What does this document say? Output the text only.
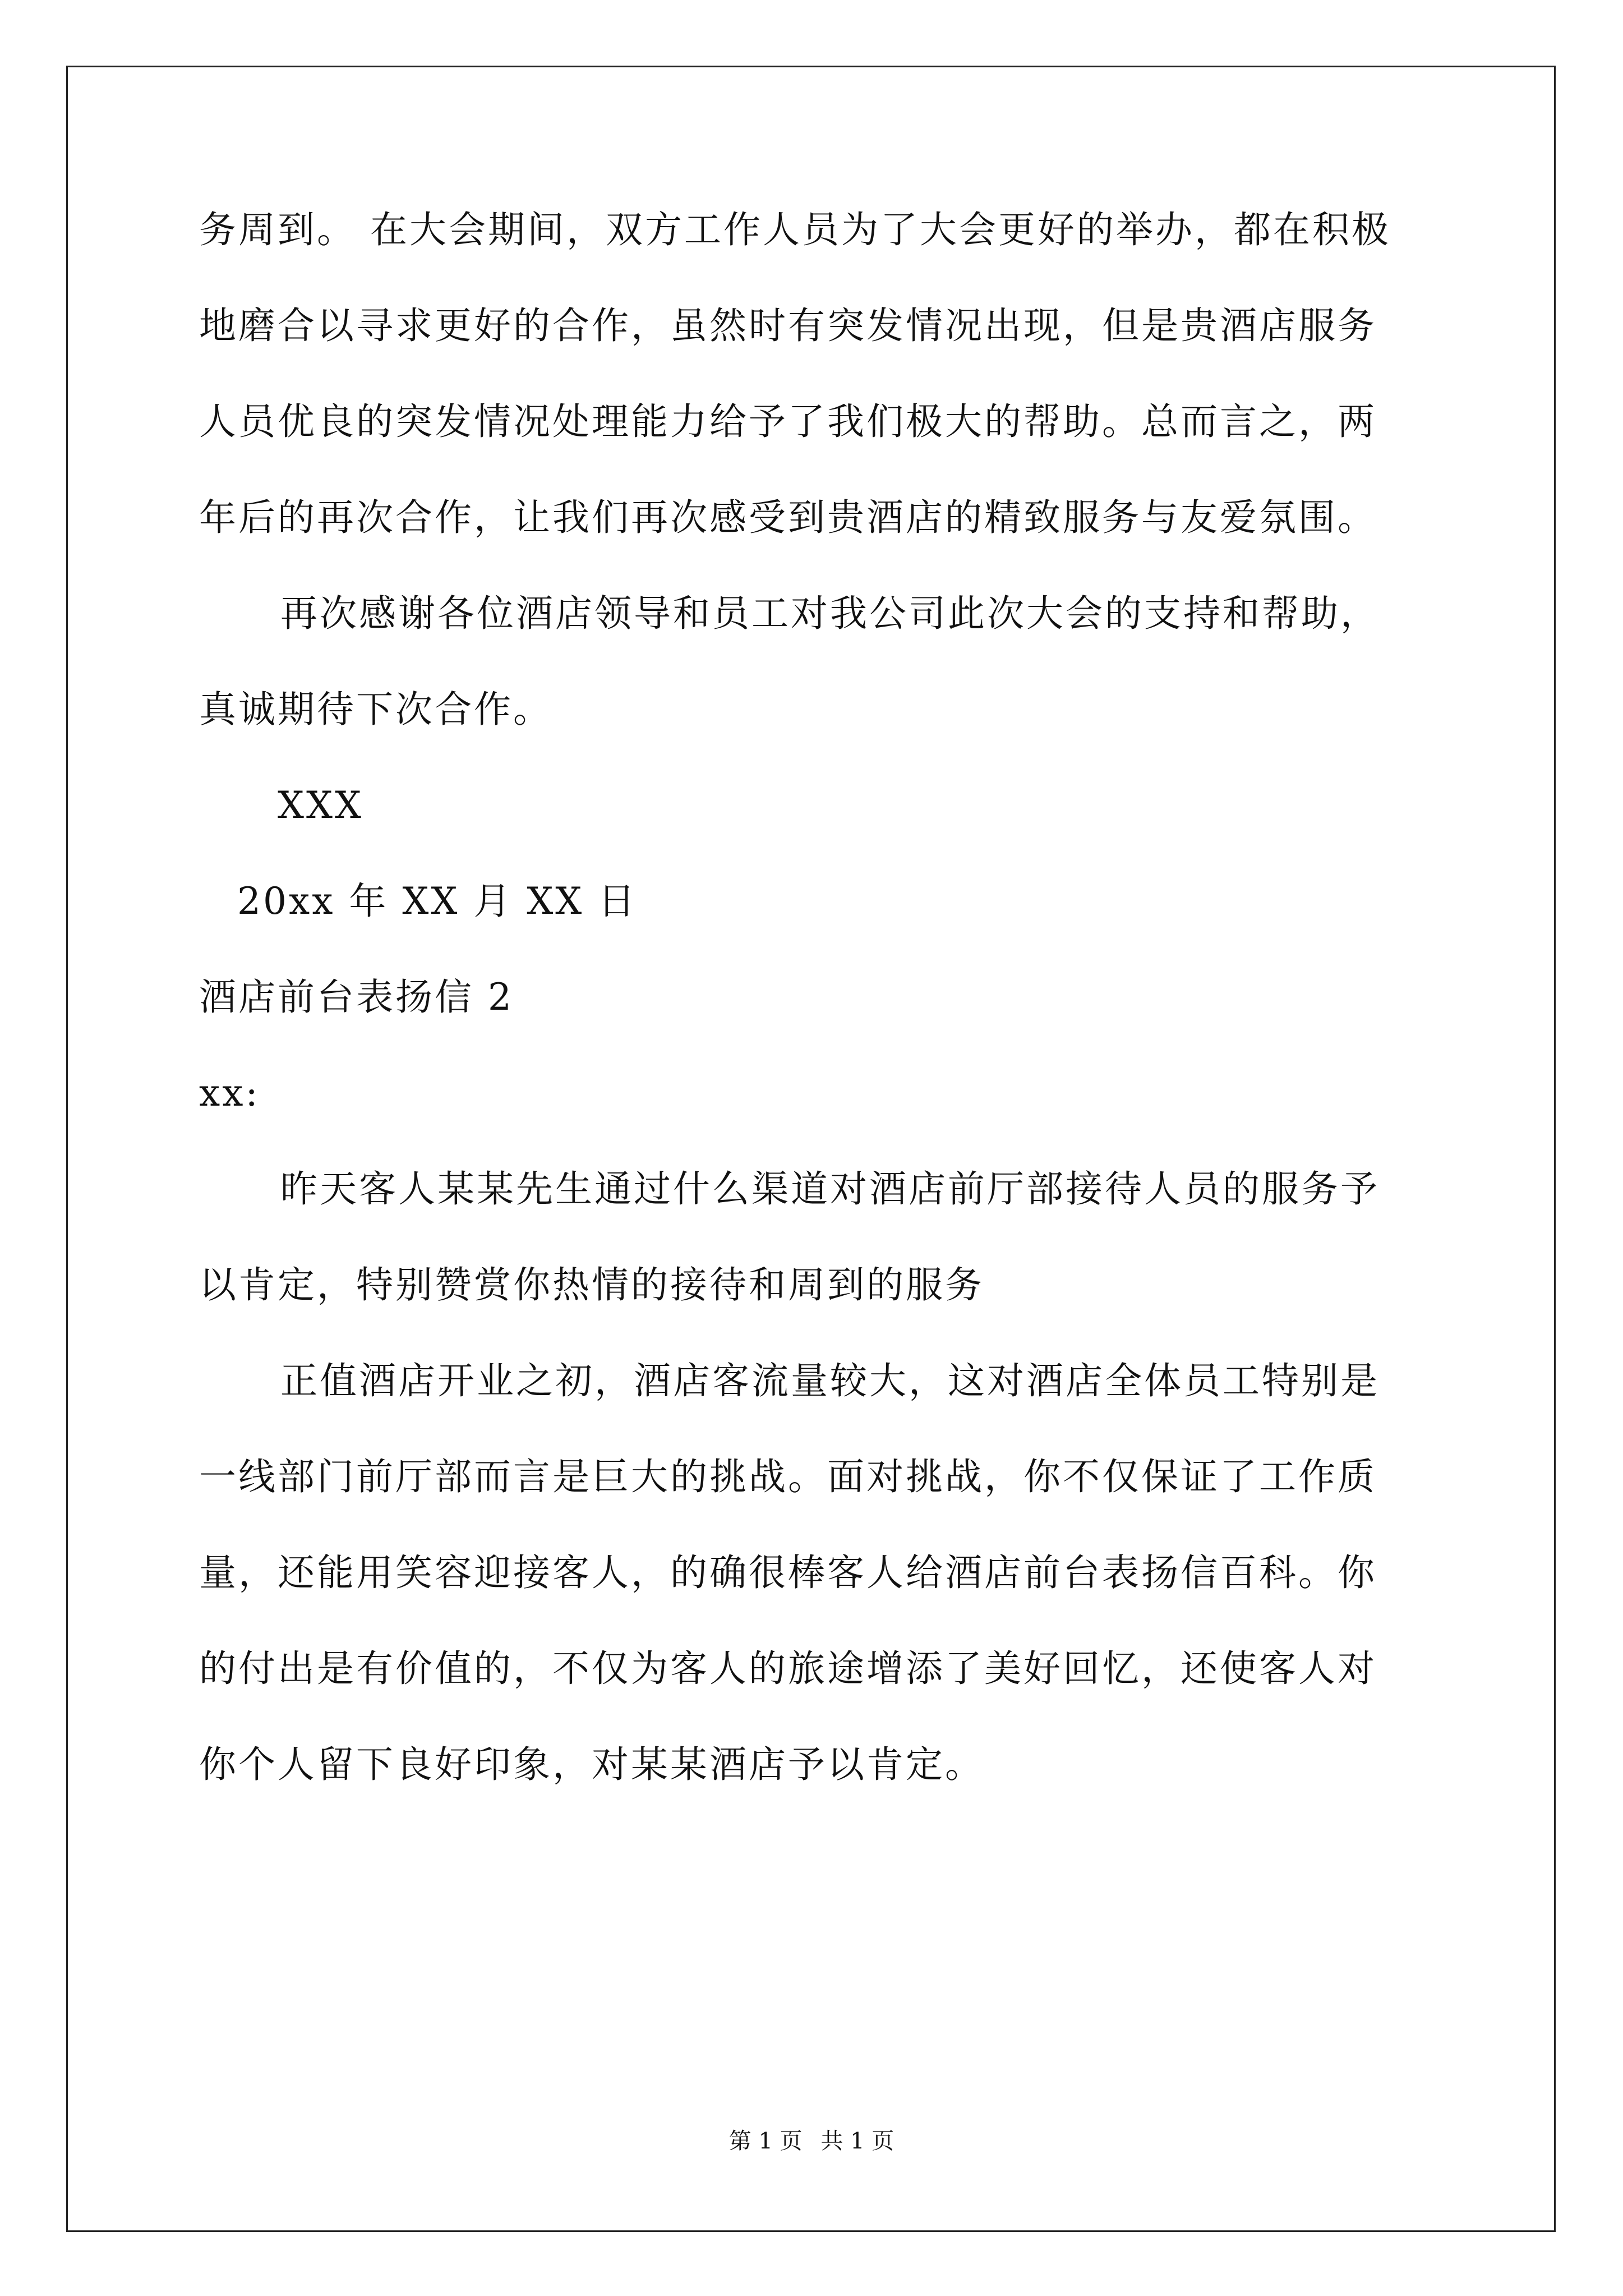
务周到。 在大会期间，双方工作人员为了大会更好的举办，都在积极
地磨合以寻求更好的合作，虽然时有突发情况出现，但是贵酒店服务
人员优良的突发情况处理能力给予了我们极大的帮助。总而言之，两
年后的再次合作，让我们再次感受到贵酒店的精致服务与友爱氛围。
再次感谢各位酒店领导和员工对我公司此次大会的支持和帮助，
真诚期待下次合作。
XXX
20xx 年 XX 月 XX 日
酒店前台表扬信 2
xx:
昨天客人某某先生通过什么渠道对酒店前厅部接待人员的服务予
以肯定，特别赞赏你热情的接待和周到的服务
正值酒店开业之初，酒店客流量较大，这对酒店全体员工特别是
一线部门前厅部而言是巨大的挑战。面对挑战，你不仅保证了工作质
量，还能用笑容迎接客人，的确很棒客人给酒店前台表扬信百科。你
的付出是有价值的，不仅为客人的旅途增添了美好回忆，还使客人对
你个人留下良好印象，对某某酒店予以肯定。
第 1 页 共 1 页
